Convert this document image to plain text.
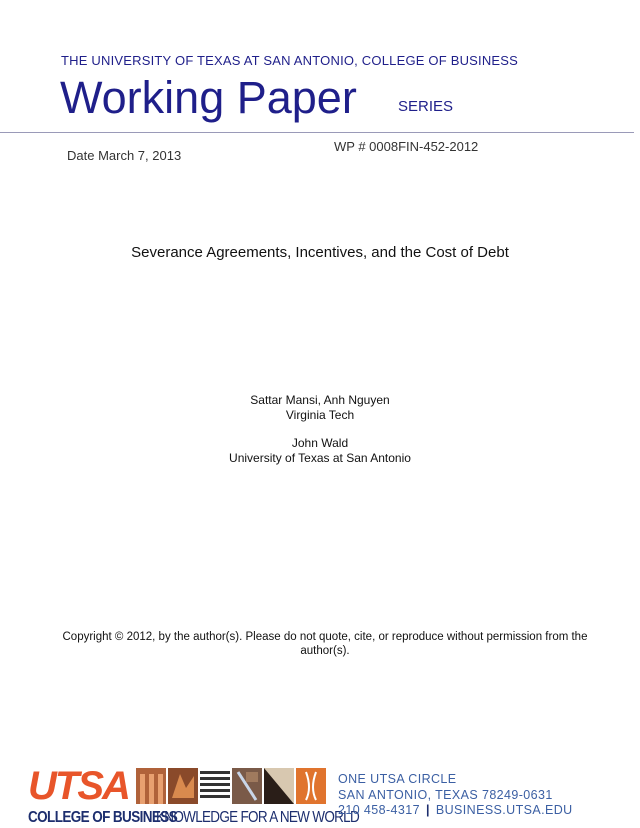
THE UNIVERSITY OF TEXAS AT SAN ANTONIO, COLLEGE OF BUSINESS
Working Paper	SERIES
Date March 7, 2013
WP # 0008FIN-452-2012
Severance Agreements, Incentives, and the Cost of Debt
Sattar Mansi, Anh Nguyen
Virginia Tech
John Wald
University of Texas at San Antonio
Copyright © 2012, by the author(s). Please do not quote, cite, or reproduce without permission from the author(s).
UTSA
COLLEGE OF BUSINESS
KNOWLEDGE FOR A NEW WORLD
ONE UTSA CIRCLE
SAN ANTONIO, TEXAS 78249-0631
210 458-4317 | BUSINESS.UTSA.EDU
